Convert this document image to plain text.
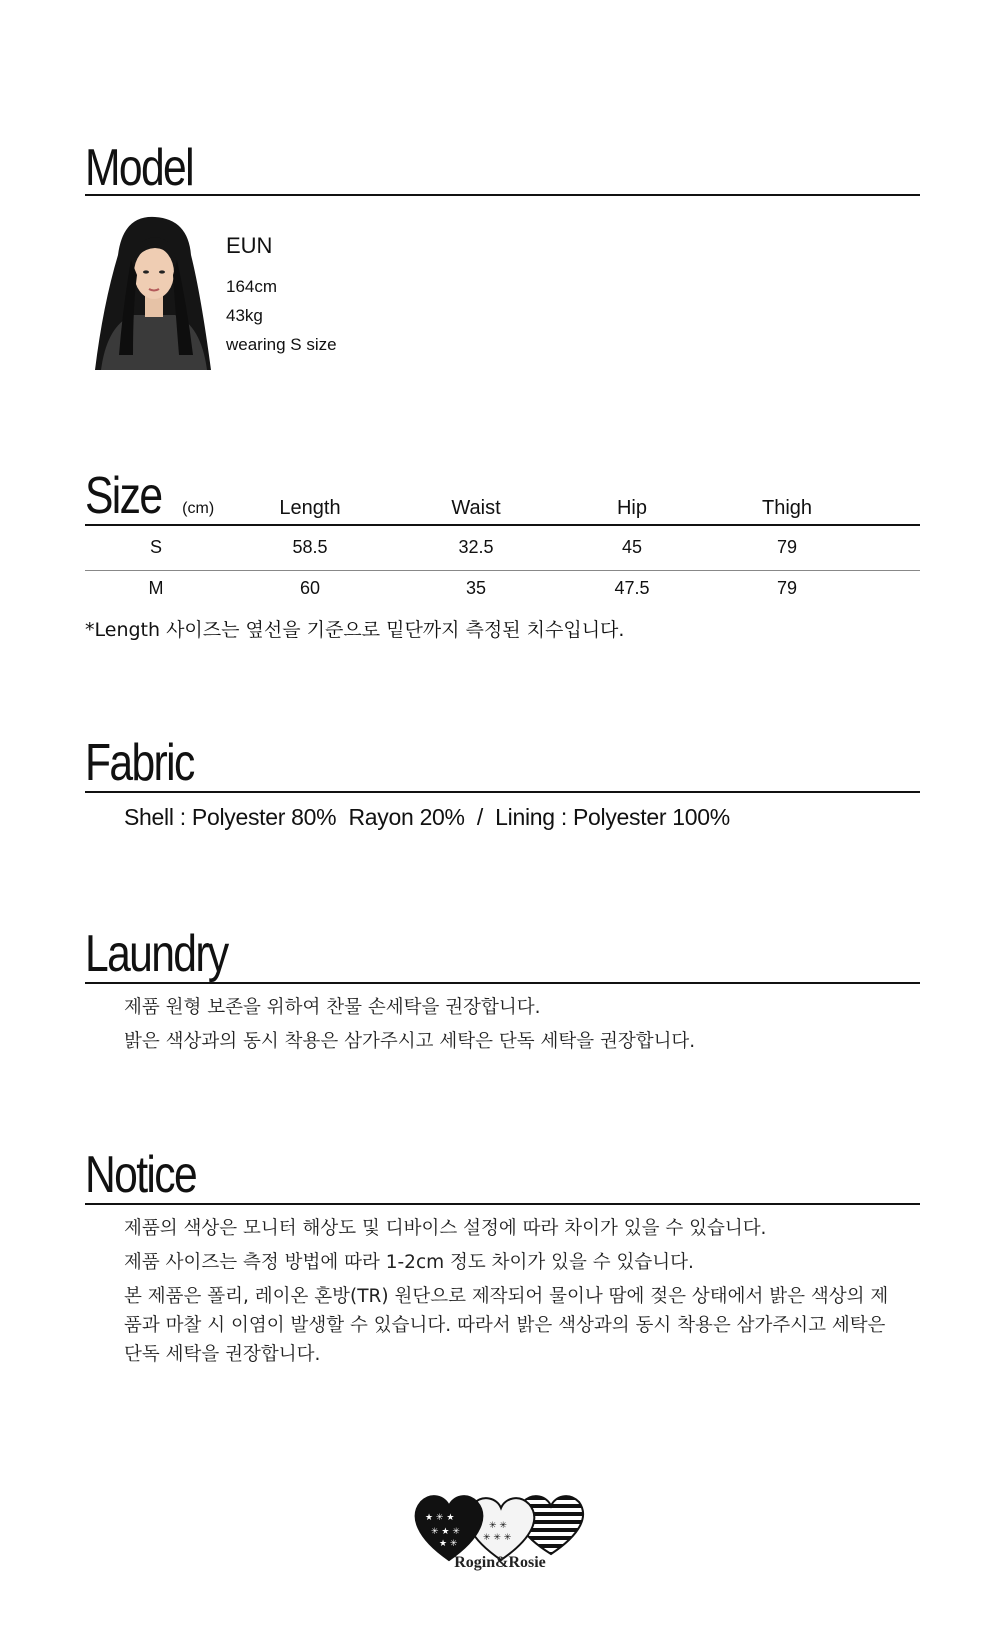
Model
EUN
164cm
43kg
wearing S size
Size (cm)	Length	Waist	Hip	Thigh
S	58.5	32.5	45	79
M	60	35	47.5	79
*Length 사이즈는 옆선을 기준으로 밑단까지 측정된 치수입니다.
Fabric
Shell : Polyester 80%  Rayon 20%  /  Lining : Polyester 100%
Laundry
제품 원형 보존을 위하여 찬물 손세탁을 권장합니다.
밝은 색상과의 동시 착용은 삼가주시고 세탁은 단독 세탁을 권장합니다.
Notice
제품의 색상은 모니터 해상도 및 디바이스 설정에 따라 차이가 있을 수 있습니다.
제품 사이즈는 측정 방법에 따라 1-2cm 정도 차이가 있을 수 있습니다.
본 제품은 폴리, 레이온 혼방(TR) 원단으로 제작되어 물이나 땀에 젖은 상태에서 밝은 색상의 제품과 마찰 시 이염이 발생할 수 있습니다. 따라서 밝은 색상과의 동시 착용은 삼가주시고 세탁은 단독 세탁을 권장합니다.
✳ ✳
✳ ✳ ✳
★ ✳ ★
✳ ★ ✳
★ ✳
Rogin&Rosie
